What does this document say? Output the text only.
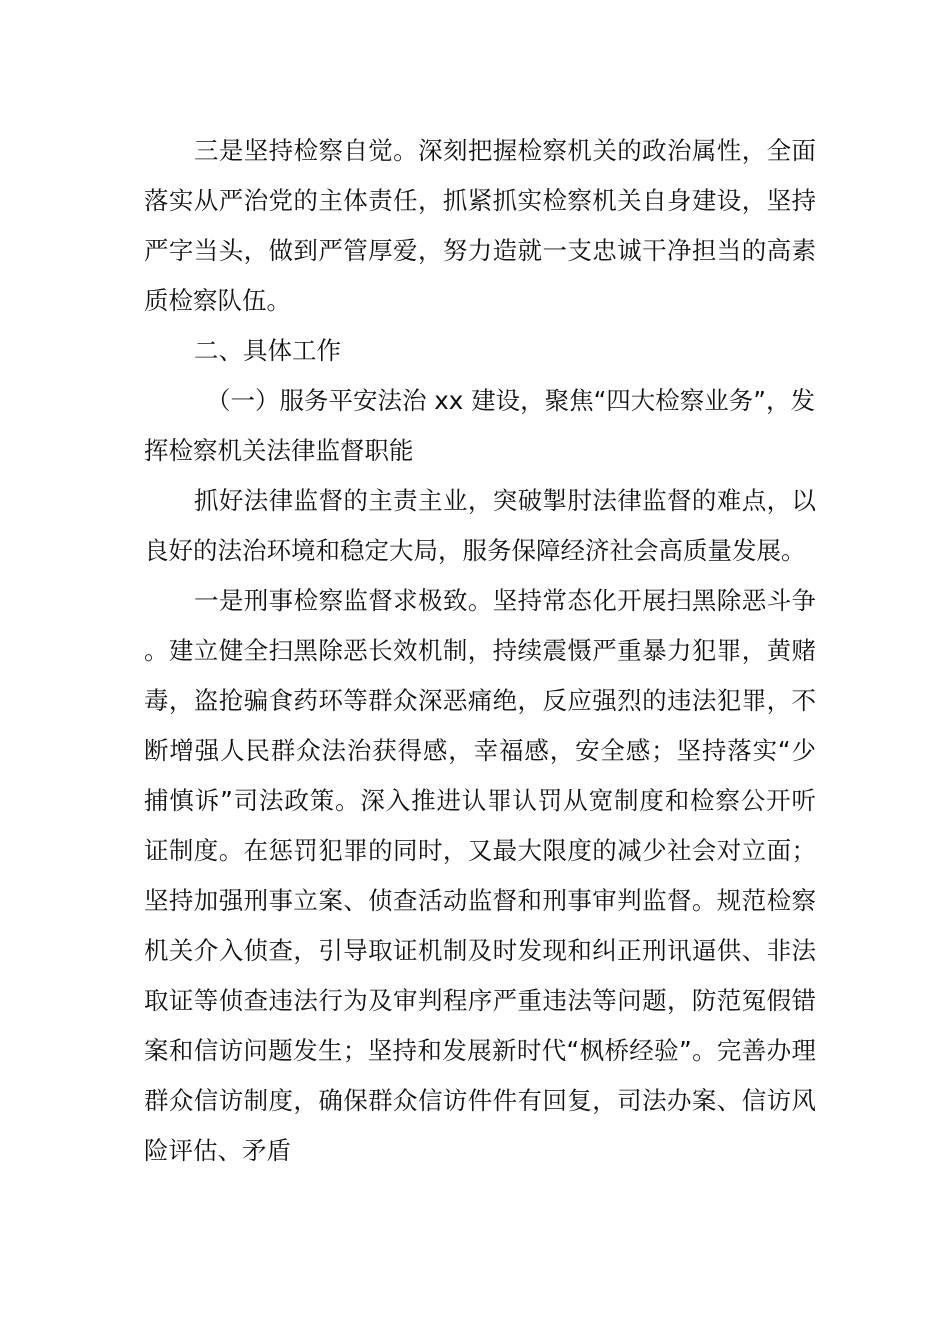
三是坚持检察自觉。深刻把握检察机关的政治属性，全面落实从严治党的主体责任，抓紧抓实检察机关自身建设，坚持严字当头，做到严管厚爱，努力造就一支忠诚干净担当的高素质检察队伍。

二、具体工作

（一）服务平安法治 xx 建设，聚焦“四大检察业务”，发挥检察机关法律监督职能

抓好法律监督的主责主业，突破掣肘法律监督的难点，以良好的法治环境和稳定大局，服务保障经济社会高质量发展。

一是刑事检察监督求极致。坚持常态化开展扫黑除恶斗争。建立健全扫黑除恶长效机制，持续震慑严重暴力犯罪，黄赌毒，盗抢骗食药环等群众深恶痛绝，反应强烈的违法犯罪，不断增强人民群众法治获得感，幸福感，安全感；坚持落实“少捕慎诉”司法政策。深入推进认罪认罚从宽制度和检察公开听证制度。在惩罚犯罪的同时，又最大限度的减少社会对立面；坚持加强刑事立案、侦查活动监督和刑事审判监督。规范检察机关介入侦查，引导取证机制及时发现和纠正刑讯逼供、非法取证等侦查违法行为及审判程序严重违法等问题，防范冤假错案和信访问题发生；坚持和发展新时代“枫桥经验”。完善办理群众信访制度，确保群众信访件件有回复，司法办案、信访风险评估、矛盾
